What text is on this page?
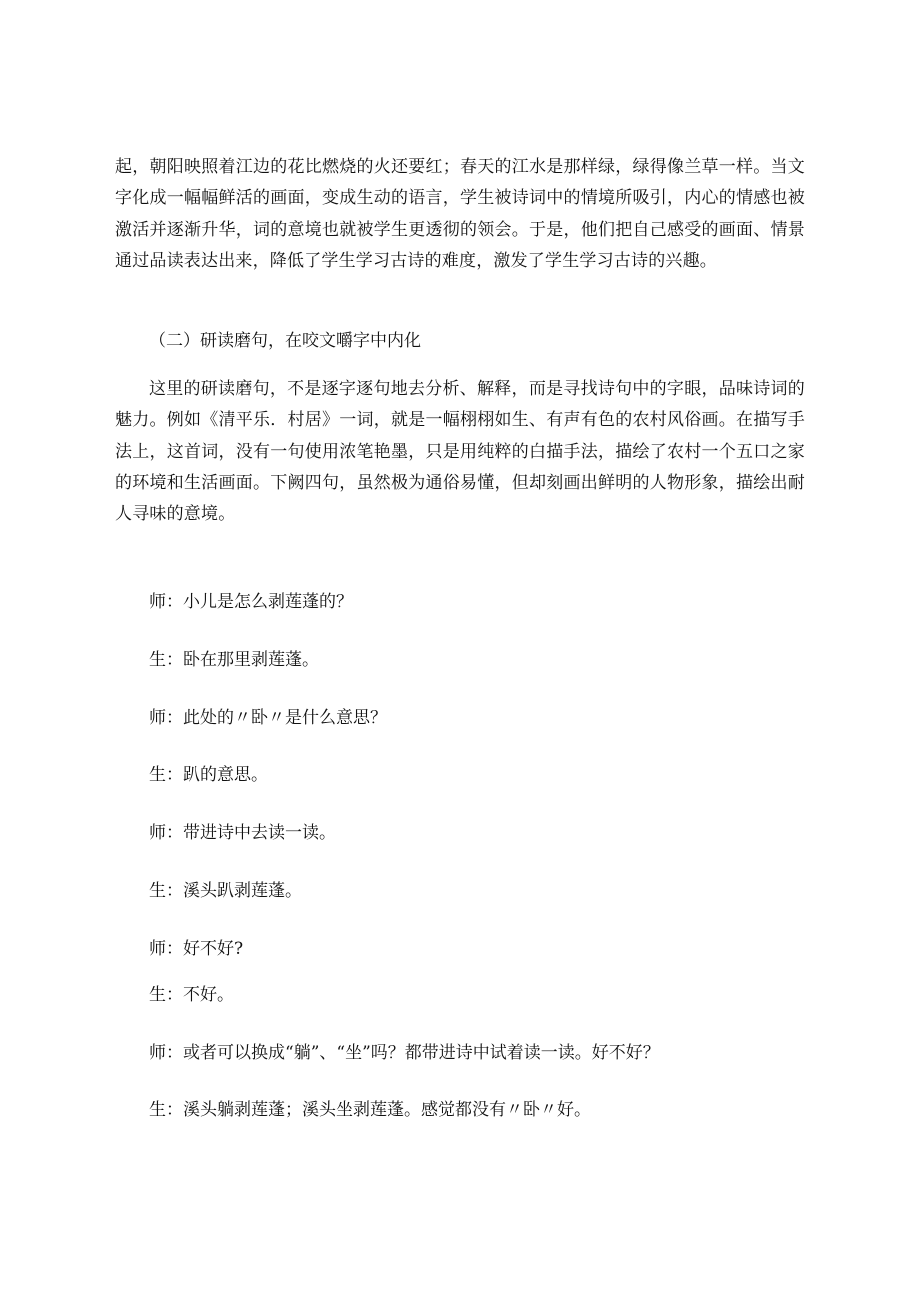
起，朝阳映照着江边的花比燃烧的火还要红；春天的江水是那样绿，绿得像兰草一样。当文字化成一幅幅鲜活的画面，变成生动的语言，学生被诗词中的情境所吸引，内心的情感也被激活并逐渐升华，词的意境也就被学生更透彻的领会。于是，他们把自己感受的画面、情景通过品读表达出来，降低了学生学习古诗的难度，激发了学生学习古诗的兴趣。

（二）研读磨句，在咬文嚼字中内化

这里的研读磨句，不是逐字逐句地去分析、解释，而是寻找诗句中的字眼，品味诗词的魅力。例如《清平乐．村居》一词，就是一幅栩栩如生、有声有色的农村风俗画。在描写手法上，这首词，没有一句使用浓笔艳墨，只是用纯粹的白描手法，描绘了农村一个五口之家的环境和生活画面。下阙四句，虽然极为通俗易懂，但却刻画出鲜明的人物形象，描绘出耐人寻味的意境。

师：小儿是怎么剥莲蓬的？

生：卧在那里剥莲蓬。

师：此处的〃卧〃是什么意思？

生：趴的意思。

师：带进诗中去读一读。

生：溪头趴剥莲蓬。

师：好不好?

生：不好。

师：或者可以换成“躺”、“坐”吗？都带进诗中试着读一读。好不好？

生：溪头躺剥莲蓬；溪头坐剥莲蓬。感觉都没有〃卧〃好。
